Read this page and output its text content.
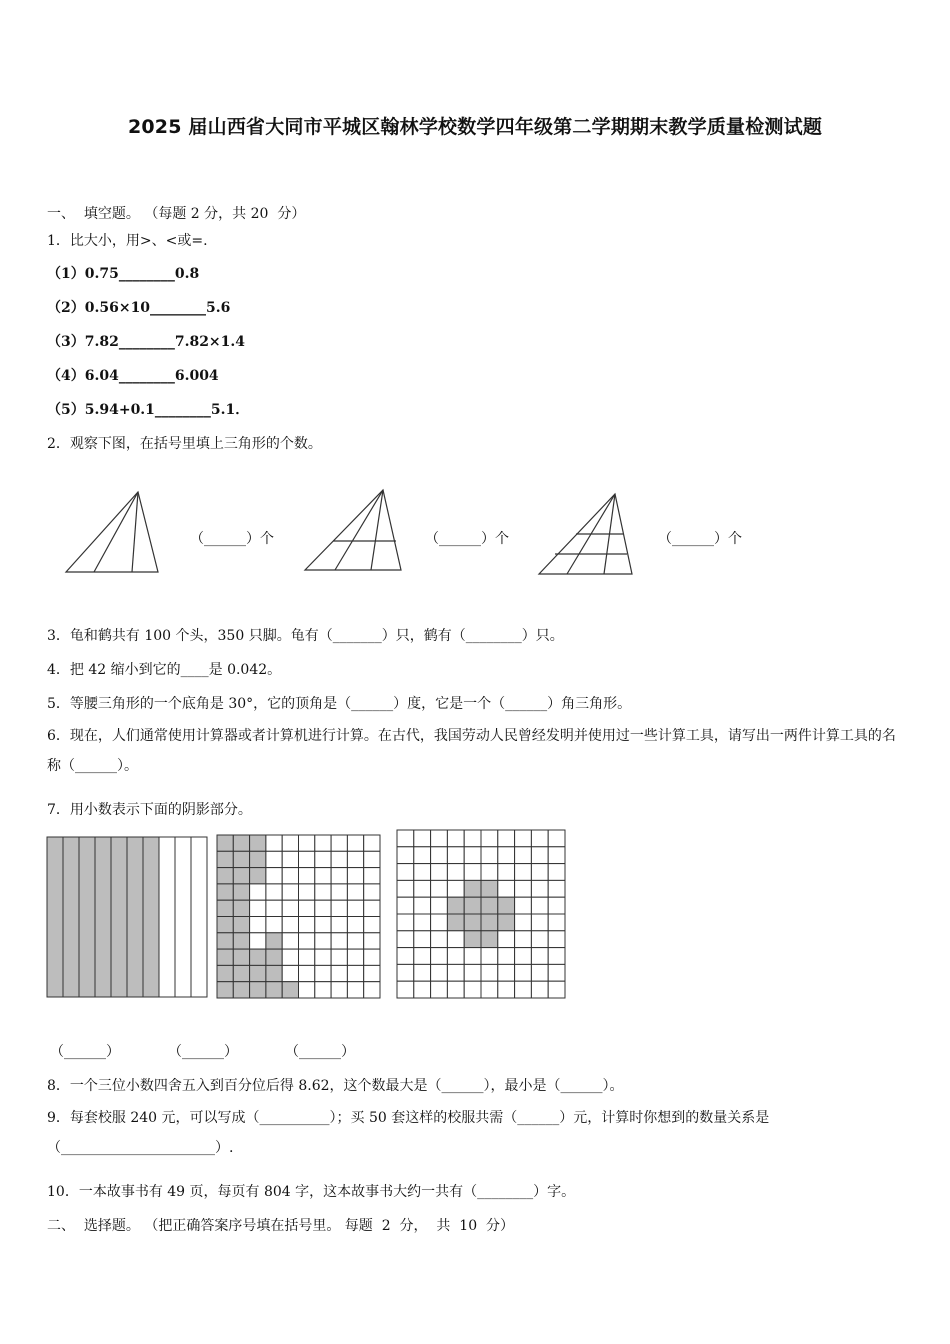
2025 届山西省大同市平城区翰林学校数学四年级第二学期期末教学质量检测试题
一、  填空题。 （每题 2 分，共 20  分）
1．比大小，用>、<或=.
（1）0.75________0.8
（2）0.56×10________5.6
（3）7.82________7.82×1.4
（4）6.04________6.004
（5）5.94+0.1________5.1．
2．观察下图，在括号里填上三角形的个数。
（______）个	（______）个	（______）个
3．龟和鹤共有 100 个头，350 只脚。龟有（_______）只，鹤有（________）只。
4．把 42 缩小到它的____是 0.042。
5．等腰三角形的一个底角是 30°，它的顶角是（______）度，它是一个（______）角三角形。
6．现在，人们通常使用计算器或者计算机进行计算。在古代，我国劳动人民曾经发明并使用过一些计算工具，请写出一两件计算工具的名称（______）。
7．用小数表示下面的阴影部分。
（______）	（______）	（______）
8．一个三位小数四舍五入到百分位后得 8.62，这个数最大是（______），最小是（______）。
9．每套校服 240 元，可以写成（__________）；买 50 套这样的校服共需（______）元，计算时你想到的数量关系是（______________________）.
10．一本故事书有 49 页，每页有 804 字，这本故事书大约一共有（________）字。
二、  选择题。 （把正确答案序号填在括号里。 每题  2  分，  共  10  分）
